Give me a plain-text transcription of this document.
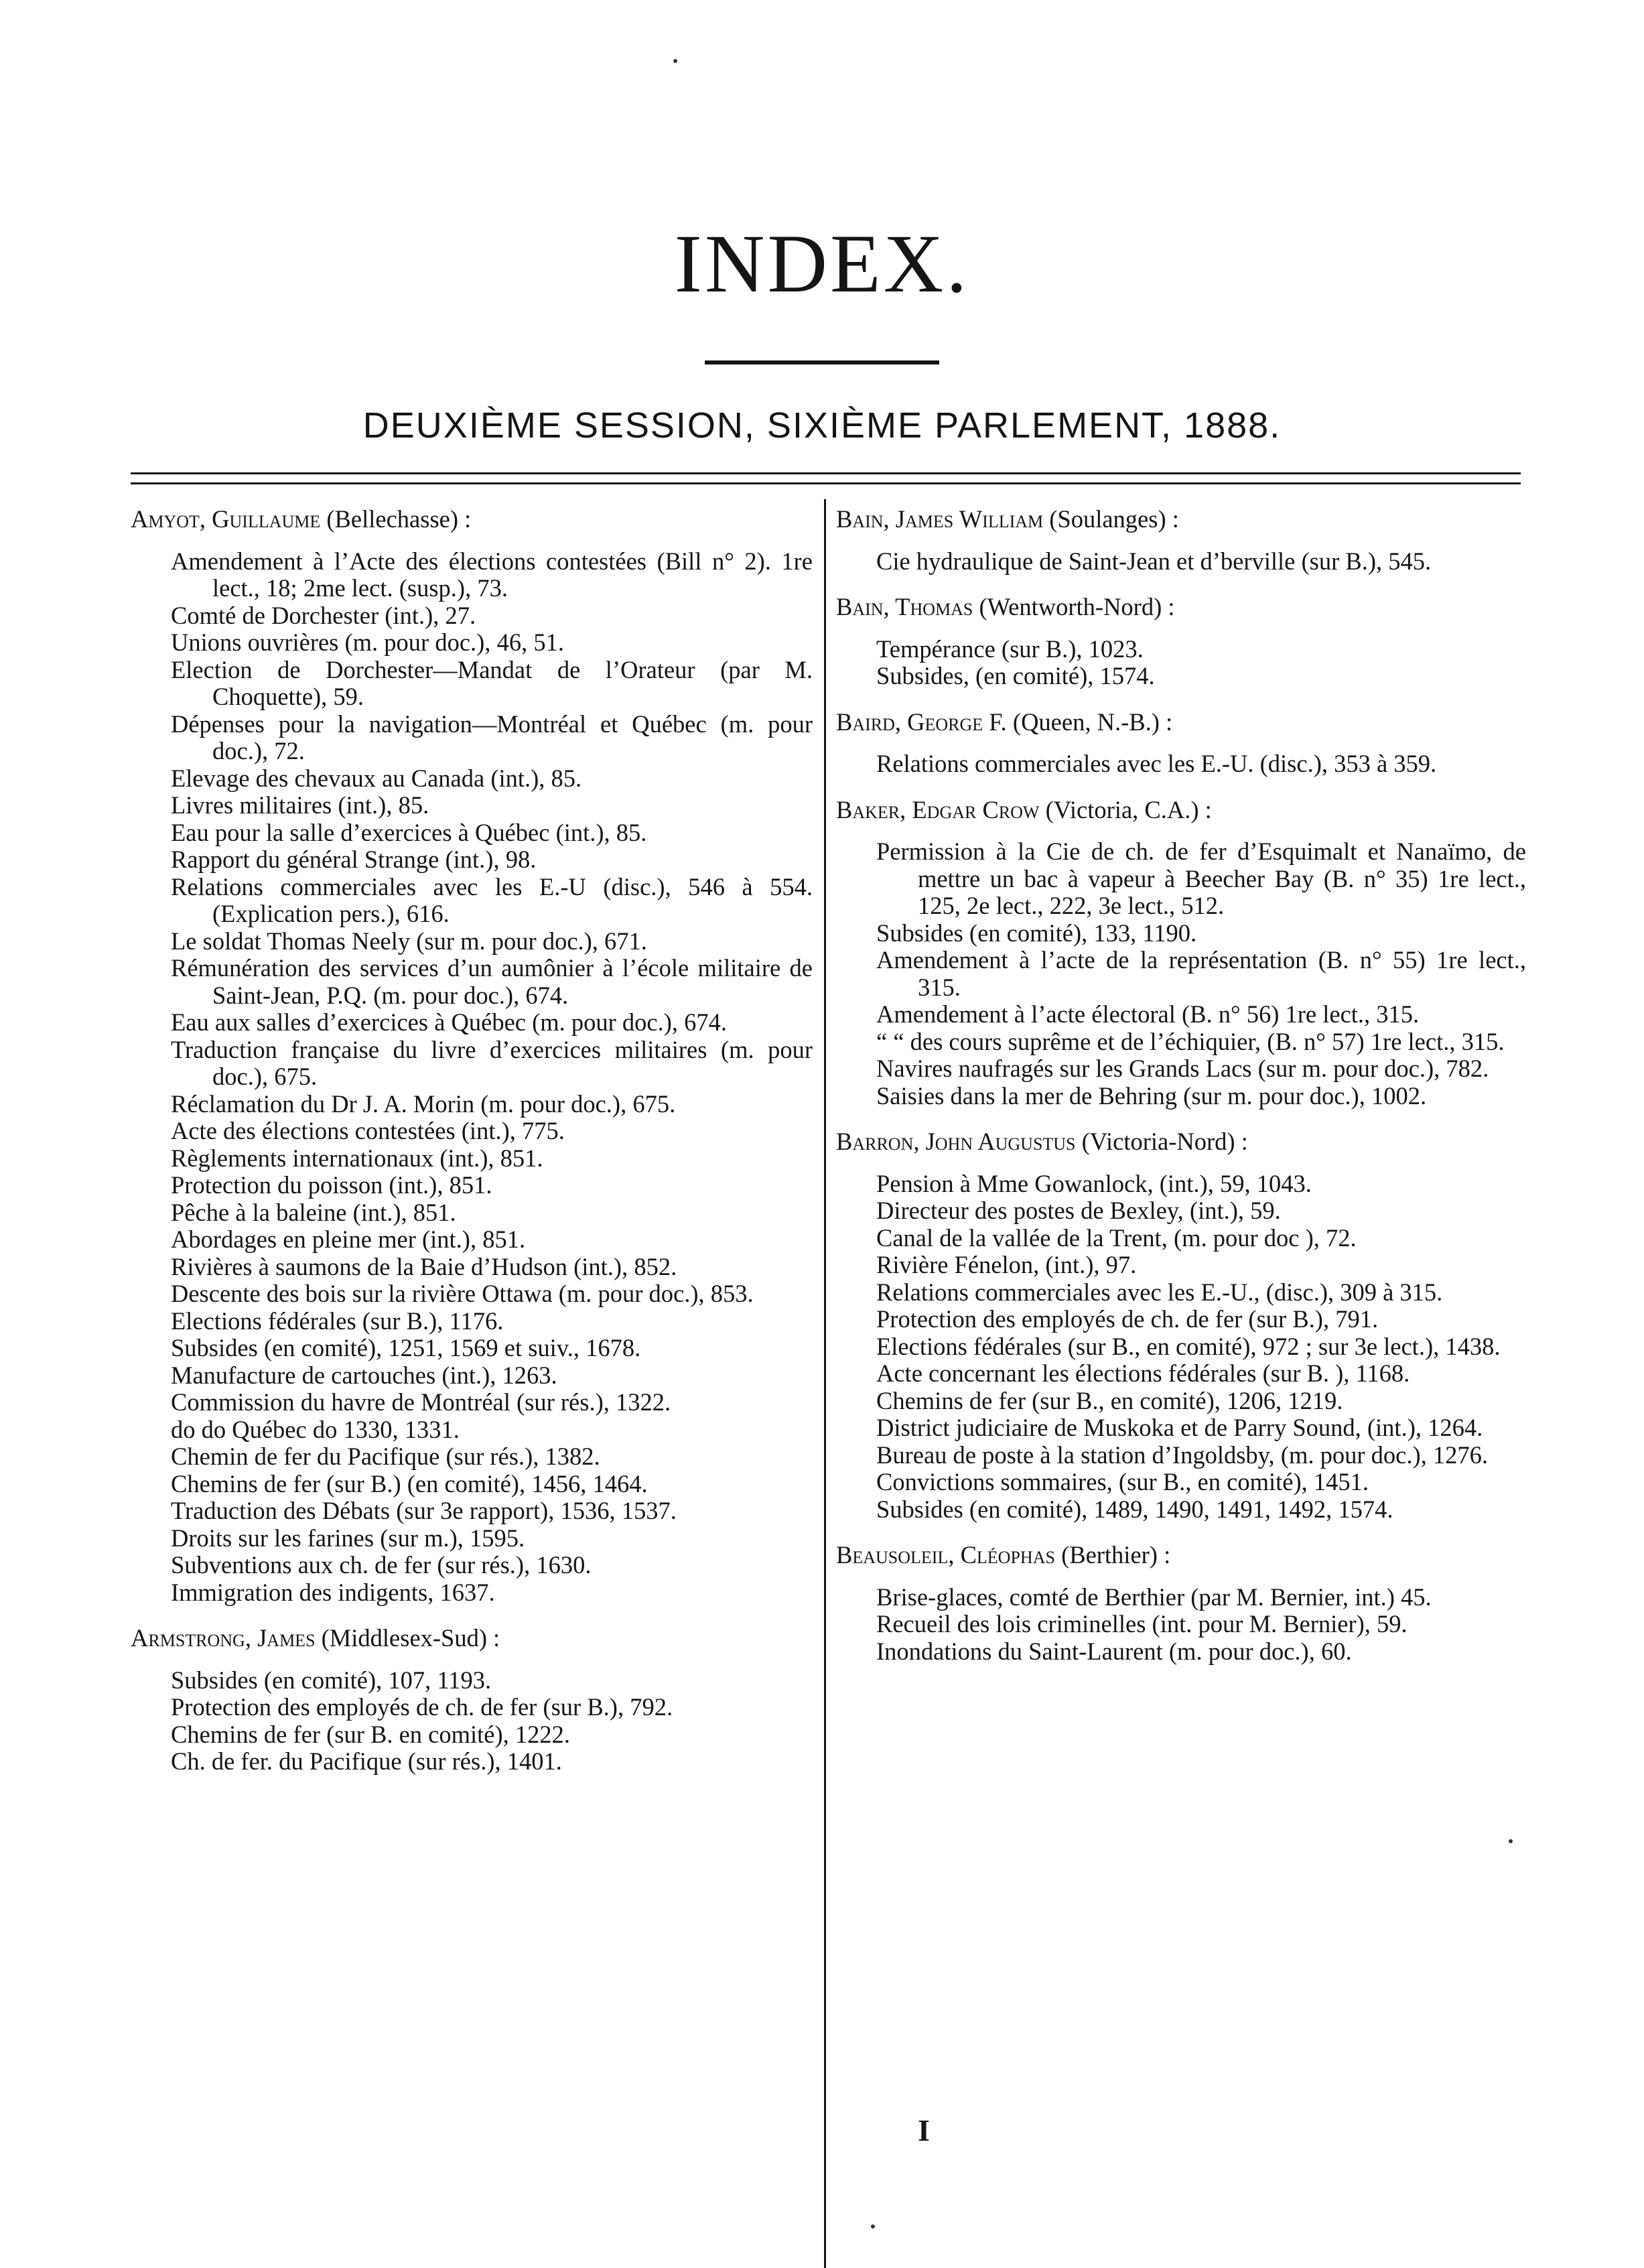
INDEX.
DEUXIÈME SESSION, SIXIÈME PARLEMENT, 1888.
Amyot, Guillaume (Bellechasse) :
Amendement à l’Acte des élections contestées (Bill n° 2). 1re lect., 18; 2me lect. (susp.), 73.
Comté de Dorchester (int.), 27.
Unions ouvrières (m. pour doc.), 46, 51.
Election de Dorchester—Mandat de l’Orateur (par M. Choquette), 59.
Dépenses pour la navigation—Montréal et Québec (m. pour doc.), 72.
Elevage des chevaux au Canada (int.), 85.
Livres militaires (int.), 85.
Eau pour la salle d’exercices à Québec (int.), 85.
Rapport du général Strange (int.), 98.
Relations commerciales avec les E.-U (disc.), 546 à 554. (Explication pers.), 616.
Le soldat Thomas Neely (sur m. pour doc.), 671.
Rémunération des services d’un aumônier à l’école militaire de Saint-Jean, P.Q. (m. pour doc.), 674.
Eau aux salles d’exercices à Québec (m. pour doc.), 674.
Traduction française du livre d’exercices militaires (m. pour doc.), 675.
Réclamation du Dr J. A. Morin (m. pour doc.), 675.
Acte des élections contestées (int.), 775.
Règlements internationaux (int.), 851.
Protection du poisson (int.), 851.
Pêche à la baleine (int.), 851.
Abordages en pleine mer (int.), 851.
Rivières à saumons de la Baie d’Hudson (int.), 852.
Descente des bois sur la rivière Ottawa (m. pour doc.), 853.
Elections fédérales (sur B.), 1176.
Subsides (en comité), 1251, 1569 et suiv., 1678.
Manufacture de cartouches (int.), 1263.
Commission du havre de Montréal (sur rés.), 1322.
do do Québec do 1330, 1331.
Chemin de fer du Pacifique (sur rés.), 1382.
Chemins de fer (sur B.) (en comité), 1456, 1464.
Traduction des Débats (sur 3e rapport), 1536, 1537.
Droits sur les farines (sur m.), 1595.
Subventions aux ch. de fer (sur rés.), 1630.
Immigration des indigents, 1637.
Armstrong, James (Middlesex-Sud) :
Subsides (en comité), 107, 1193.
Protection des employés de ch. de fer (sur B.), 792.
Chemins de fer (sur B. en comité), 1222.
Ch. de fer. du Pacifique (sur rés.), 1401.
Bain, James William (Soulanges) :
Cie hydraulique de Saint-Jean et d’berville (sur B.), 545.
Bain, Thomas (Wentworth-Nord) :
Tempérance (sur B.), 1023.
Subsides, (en comité), 1574.
Baird, George F. (Queen, N.-B.) :
Relations commerciales avec les E.-U. (disc.), 353 à 359.
Baker, Edgar Crow (Victoria, C.A.) :
Permission à la Cie de ch. de fer d’Esquimalt et Nanaïmo, de mettre un bac à vapeur à Beecher Bay (B. n° 35) 1re lect., 125, 2e lect., 222, 3e lect., 512.
Subsides (en comité), 133, 1190.
Amendement à l’acte de la représentation (B. n° 55) 1re lect., 315.
Amendement à l’acte électoral (B. n° 56) 1re lect., 315.
“ “ des cours suprême et de l’échiquier, (B. n° 57) 1re lect., 315.
Navires naufragés sur les Grands Lacs (sur m. pour doc.), 782.
Saisies dans la mer de Behring (sur m. pour doc.), 1002.
Barron, John Augustus (Victoria-Nord) :
Pension à Mme Gowanlock, (int.), 59, 1043.
Directeur des postes de Bexley, (int.), 59.
Canal de la vallée de la Trent, (m. pour doc ), 72.
Rivière Fénelon, (int.), 97.
Relations commerciales avec les E.-U., (disc.), 309 à 315.
Protection des employés de ch. de fer (sur B.), 791.
Elections fédérales (sur B., en comité), 972 ; sur 3e lect.), 1438.
Acte concernant les élections fédérales (sur B. ), 1168.
Chemins de fer (sur B., en comité), 1206, 1219.
District judiciaire de Muskoka et de Parry Sound, (int.), 1264.
Bureau de poste à la station d’Ingoldsby, (m. pour doc.), 1276.
Convictions sommaires, (sur B., en comité), 1451.
Subsides (en comité), 1489, 1490, 1491, 1492, 1574.
Beausoleil, Cléophas (Berthier) :
Brise-glaces, comté de Berthier (par M. Bernier, int.) 45.
Recueil des lois criminelles (int. pour M. Bernier), 59.
Inondations du Saint-Laurent (m. pour doc.), 60.
I
